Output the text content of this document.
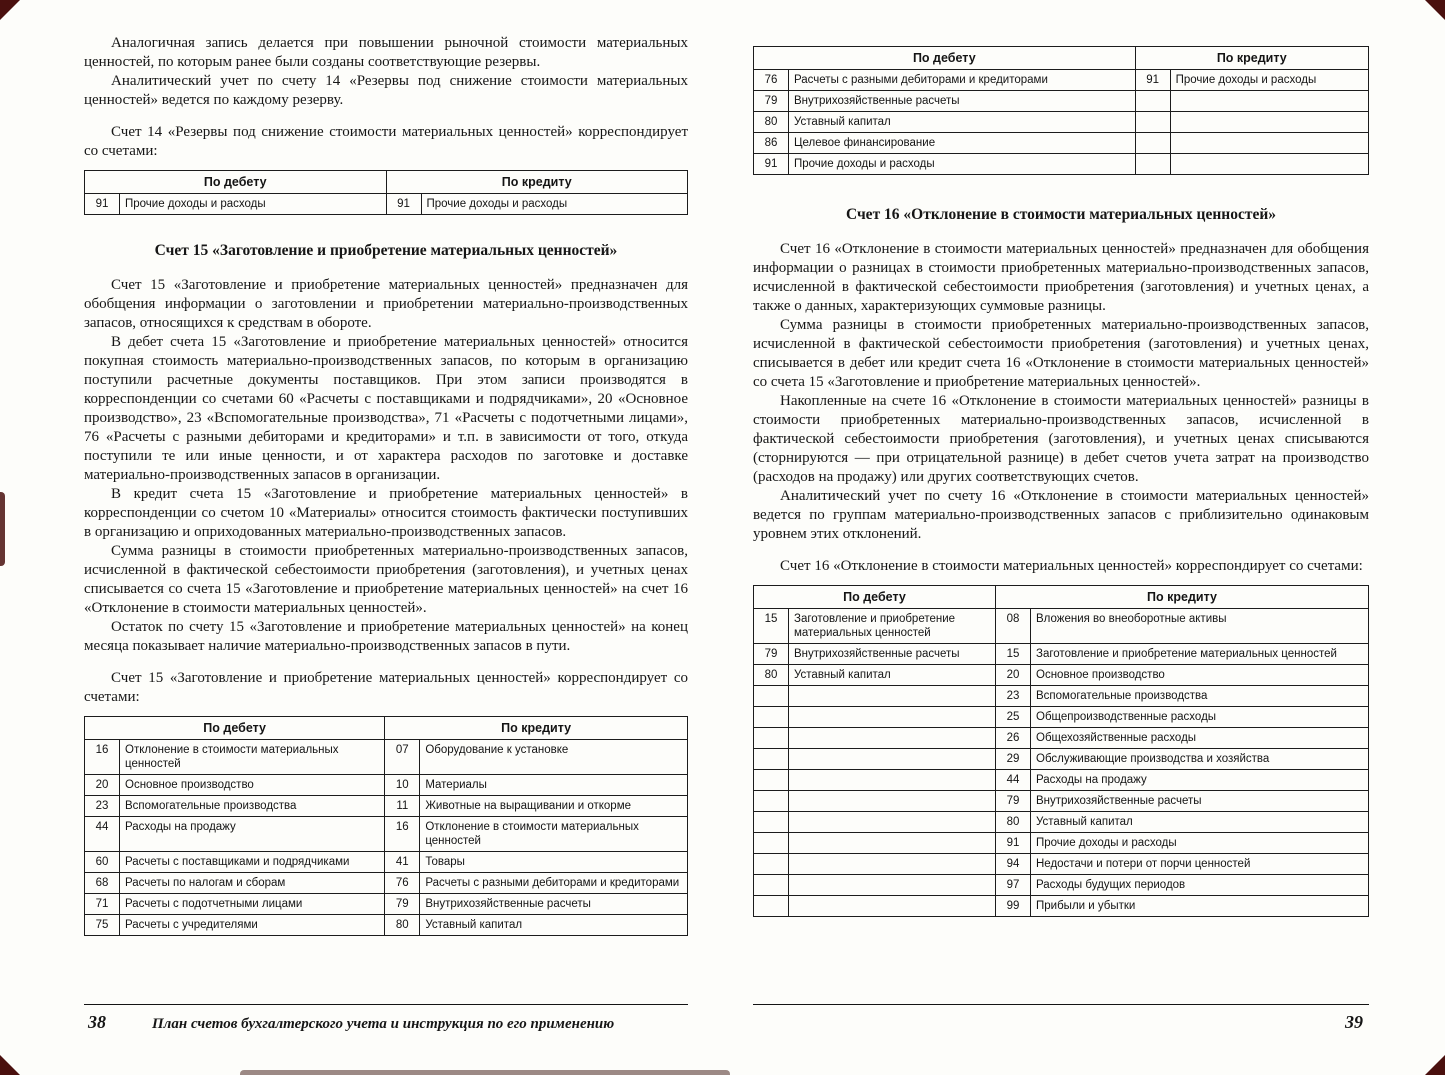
Аналогичная запись делается при повышении рыночной стоимости материальных ценностей, по которым ранее были созданы соответствующие резервы.

Аналитический учет по счету 14 «Резервы под снижение стоимости материальных ценностей» ведется по каждому резерву.

Счет 14 «Резервы под снижение стоимости материальных ценностей» корреспондирует со счетами:

По дебету		По кредиту	
91	Прочие доходы и расходы	91	Прочие доходы и расходы
Счет 15 «Заготовление и приобретение материальных ценностей»

Счет 15 «Заготовление и приобретение материальных ценностей» предназначен для обобщения информации о заготовлении и приобретении материально-производственных запасов, относящихся к средствам в обороте.

В дебет счета 15 «Заготовление и приобретение материальных ценностей» относится покупная стоимость материально-производственных запасов, по которым в организацию поступили расчетные документы поставщиков. При этом записи производятся в корреспонденции со счетами 60 «Расчеты с поставщиками и подрядчиками», 20 «Основное производство», 23 «Вспомогательные производства», 71 «Расчеты с подотчетными лицами», 76 «Расчеты с разными дебиторами и кредиторами» и т.п. в зависимости от того, откуда поступили те или иные ценности, и от характера расходов по заготовке и доставке материально-производственных запасов в организации.

В кредит счета 15 «Заготовление и приобретение материальных ценностей» в корреспонденции со счетом 10 «Материалы» относится стоимость фактически поступивших в организацию и оприходованных материально-производственных запасов.

Сумма разницы в стоимости приобретенных материально-производственных запасов, исчисленной в фактической себестоимости приобретения (заготовления), и учетных ценах списывается со счета 15 «Заготовление и приобретение материальных ценностей» на счет 16 «Отклонение в стоимости материальных ценностей».

Остаток по счету 15 «Заготовление и приобретение материальных ценностей» на конец месяца показывает наличие материально-производственных запасов в пути.

Счет 15 «Заготовление и приобретение материальных ценностей» корреспондирует со счетами:

По дебету		По кредиту	
16	Отклонение в стоимости материальных ценностей	07	Оборудование к установке
20	Основное производство	10	Материалы
23	Вспомогательные производства	11	Животные на выращивании и откорме
44	Расходы на продажу	16	Отклонение в стоимости материальных ценностей
60	Расчеты с поставщиками и подрядчиками	41	Товары
68	Расчеты по налогам и сборам	76	Расчеты с разными дебиторами и кредиторами
71	Расчеты с подотчетными лицами	79	Внутрихозяйственные расчеты
75	Расчеты с учредителями	80	Уставный капитал
38	План счетов бухгалтерского учета и инструкция по его применению
По дебету		По кредиту	
76	Расчеты с разными дебиторами и кредиторами	91	Прочие доходы и расходы
79	Внутрихозяйственные расчеты		
80	Уставный капитал		
86	Целевое финансирование		
91	Прочие доходы и расходы		
Счет 16 «Отклонение в стоимости материальных ценностей»

Счет 16 «Отклонение в стоимости материальных ценностей» предназначен для обобщения информации о разницах в стоимости приобретенных материально-производственных запасов, исчисленной в фактической себестоимости приобретения (заготовления) и учетных ценах, а также о данных, характеризующих суммовые разницы.

Сумма разницы в стоимости приобретенных материально-производственных запасов, исчисленной в фактической себестоимости приобретения (заготовления) и учетных ценах, списывается в дебет или кредит счета 16 «Отклонение в стоимости материальных ценностей» со счета 15 «Заготовление и приобретение материальных ценностей».

Накопленные на счете 16 «Отклонение в стоимости материальных ценностей» разницы в стоимости приобретенных материально-производственных запасов, исчисленной в фактической себестоимости приобретения (заготовления), и учетных ценах списываются (сторнируются — при отрицательной разнице) в дебет счетов учета затрат на производство (расходов на продажу) или других соответствующих счетов.

Аналитический учет по счету 16 «Отклонение в стоимости материальных ценностей» ведется по группам материально-производственных запасов с приблизительно одинаковым уровнем этих отклонений.

Счет 16 «Отклонение в стоимости материальных ценностей» корреспондирует со счетами:

По дебету		По кредиту	
15	Заготовление и приобретение материальных ценностей	08	Вложения во внеоборотные активы
79	Внутрихозяйственные расчеты	15	Заготовление и приобретение материальных ценностей
80	Уставный капитал	20	Основное производство
		23	Вспомогательные производства
		25	Общепроизводственные расходы
		26	Общехозяйственные расходы
		29	Обслуживающие производства и хозяйства
		44	Расходы на продажу
		79	Внутрихозяйственные расчеты
		80	Уставный капитал
		91	Прочие доходы и расходы
		94	Недостачи и потери от порчи ценностей
		97	Расходы будущих периодов
		99	Прибыли и убытки
39
